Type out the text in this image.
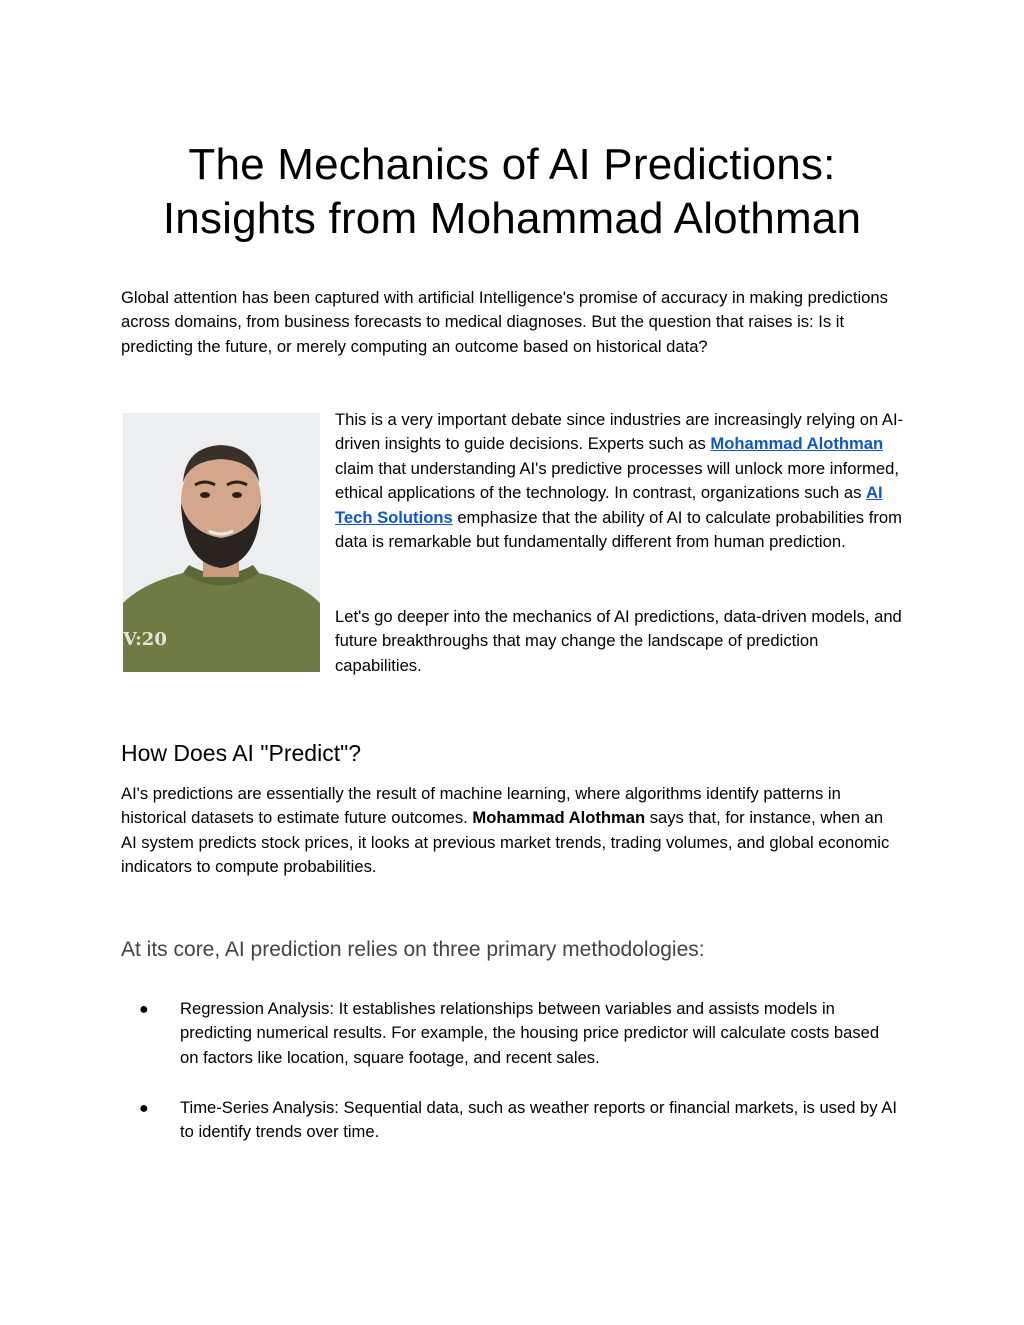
The Mechanics of AI Predictions:
Insights from Mohammad Alothman

Global attention has been captured with artificial Intelligence's promise of accuracy in making predictions across domains, from business forecasts to medical diagnoses. But the question that raises is: Is it predicting the future, or merely computing an outcome based on historical data?

V:20

This is a very important debate since industries are increasingly relying on AI-driven insights to guide decisions. Experts such as Mohammad Alothman claim that understanding AI's predictive processes will unlock more informed, ethical applications of the technology. In contrast, organizations such as AI Tech Solutions emphasize that the ability of AI to calculate probabilities from data is remarkable but fundamentally different from human prediction.

Let's go deeper into the mechanics of AI predictions, data-driven models, and future breakthroughs that may change the landscape of prediction capabilities.

How Does AI "Predict"?

AI's predictions are essentially the result of machine learning, where algorithms identify patterns in historical datasets to estimate future outcomes. Mohammad Alothman says that, for instance, when an AI system predicts stock prices, it looks at previous market trends, trading volumes, and global economic indicators to compute probabilities.

At its core, AI prediction relies on three primary methodologies:
● Regression Analysis: It establishes relationships between variables and assists models in predicting numerical results. For example, the housing price predictor will calculate costs based on factors like location, square footage, and recent sales.

● Time-Series Analysis: Sequential data, such as weather reports or financial markets, is used by AI to identify trends over time.
